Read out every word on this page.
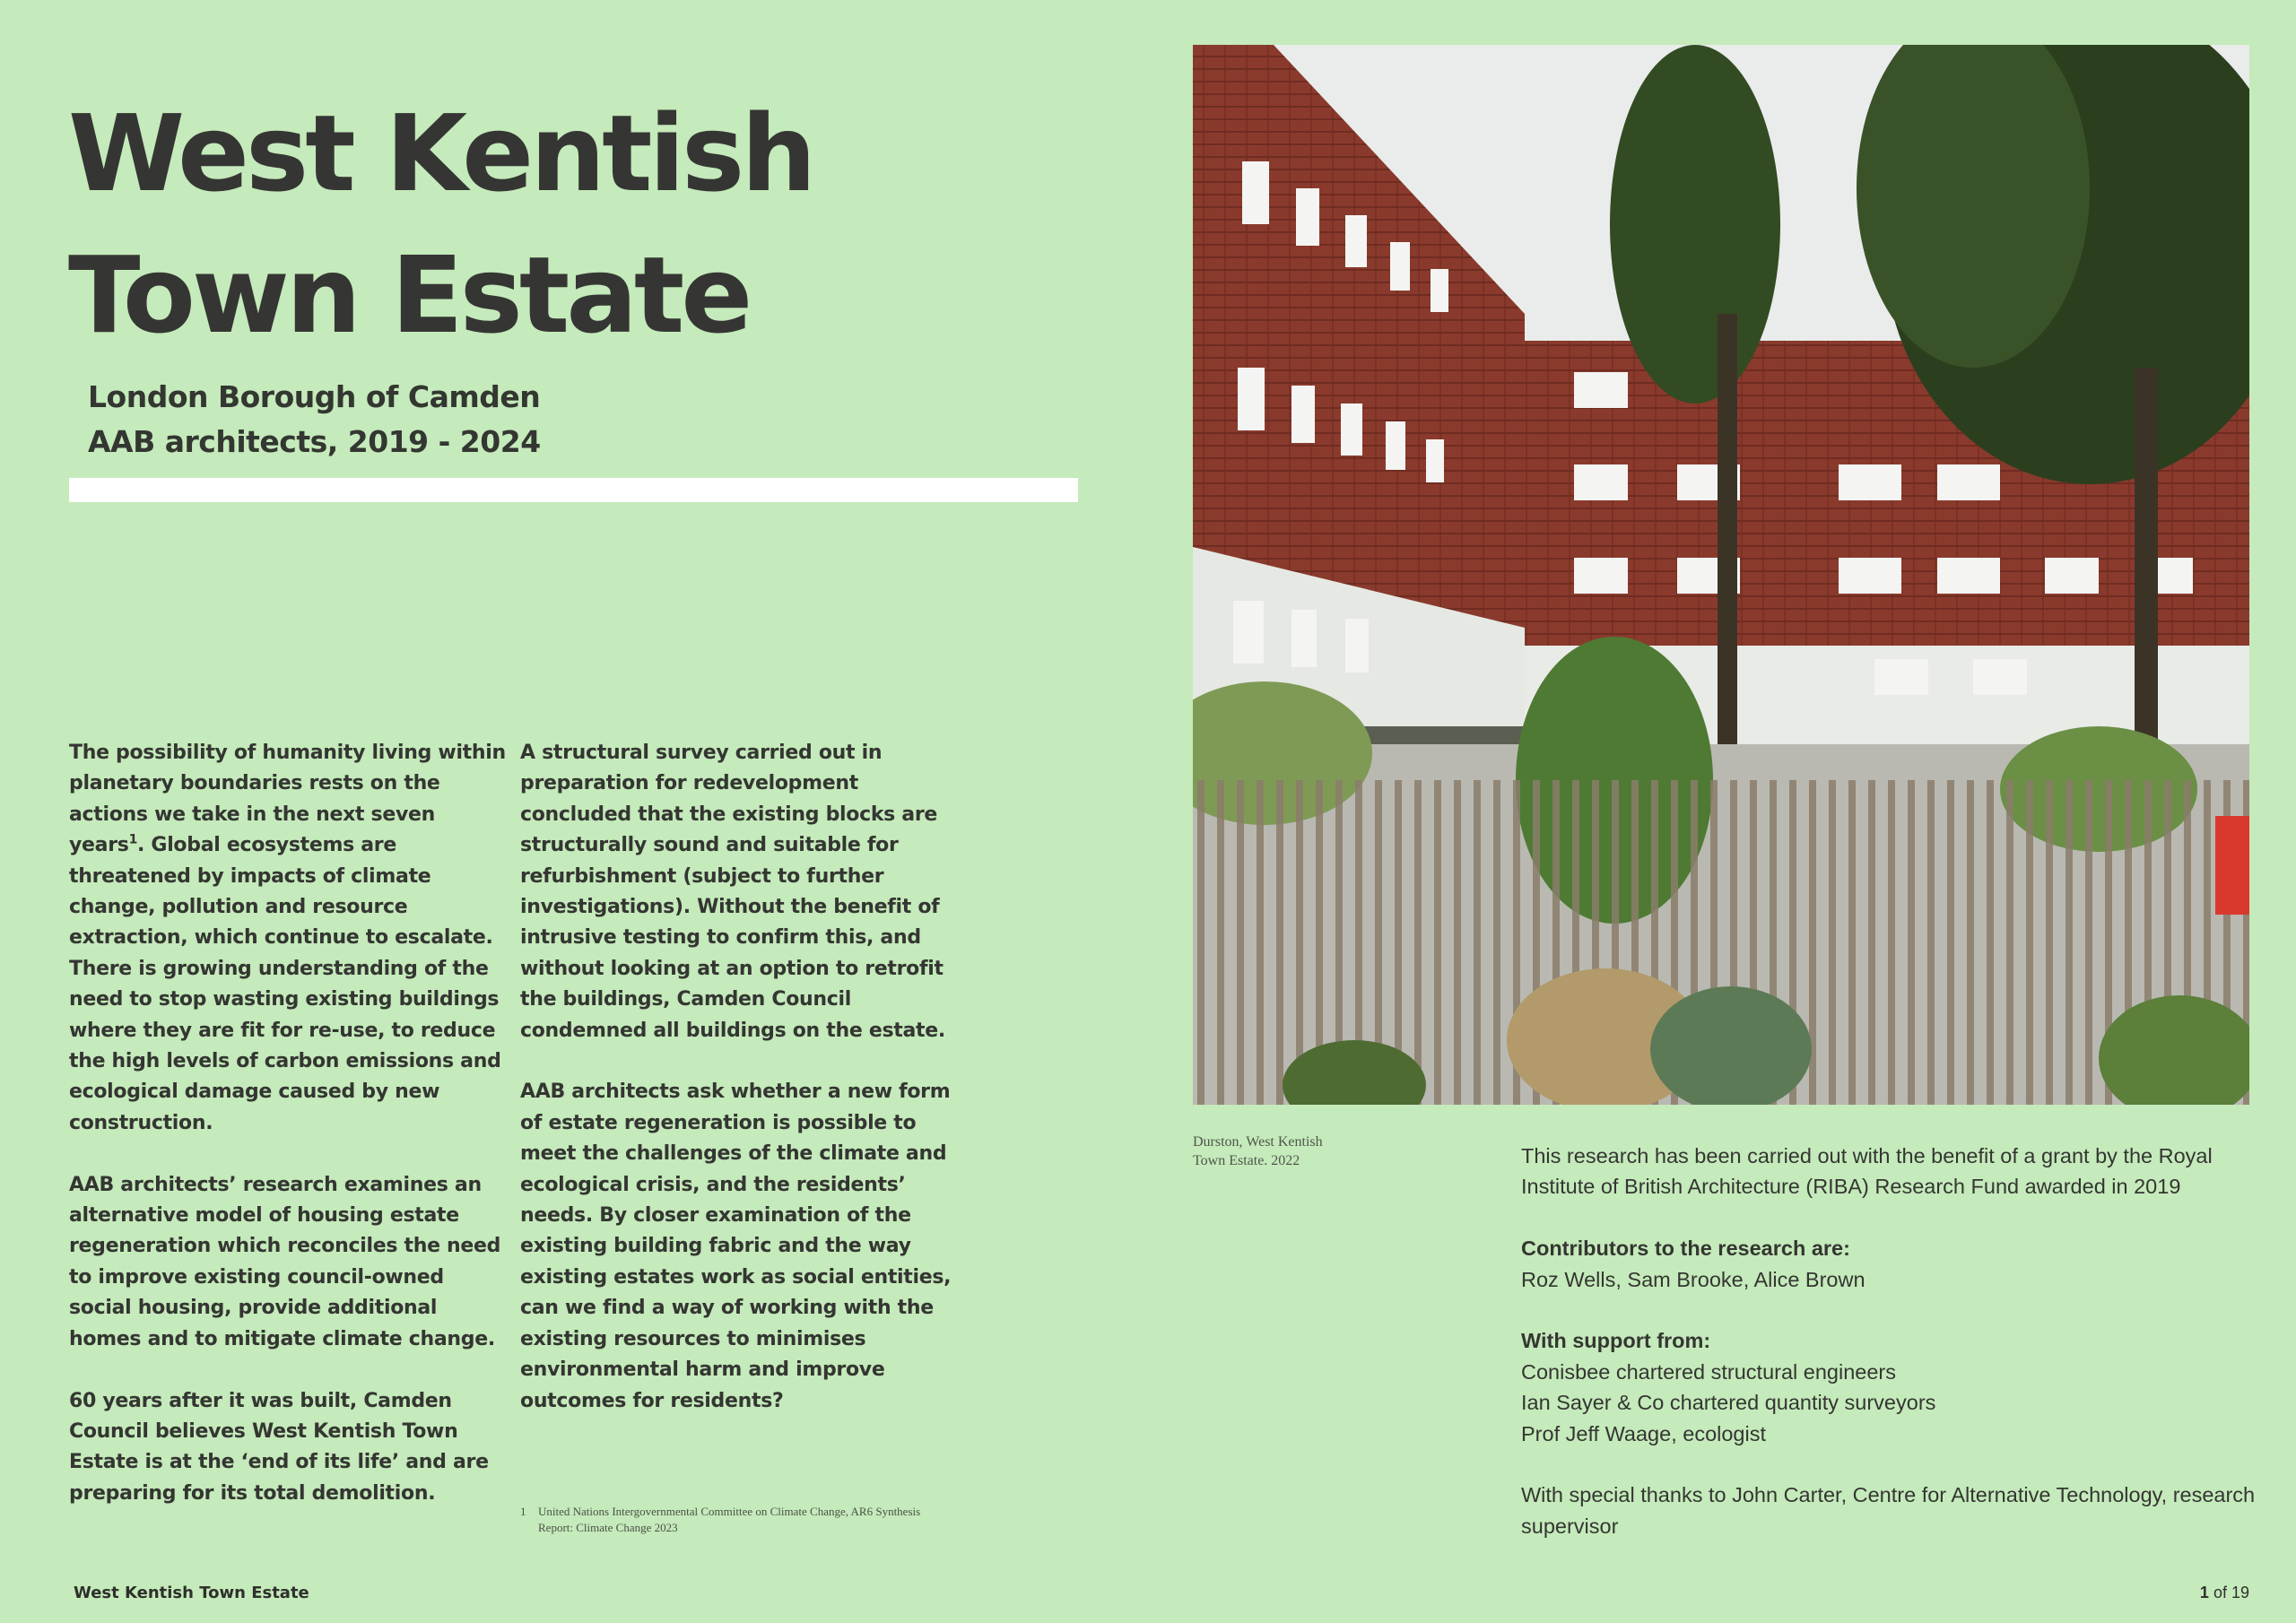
West Kentish
Town Estate
London Borough of Camden
AAB architects, 2019 - 2024

The possibility of humanity living within planetary boundaries rests on the actions we take in the next seven years$^1$. Global ecosystems are threatened by impacts of climate change, pollution and resource extraction, which continue to escalate. There is growing understanding of the need to stop wasting existing buildings where they are fit for re-use, to reduce the high levels of carbon emissions and ecological damage caused by new construction.

AAB architects’ research examines an alternative model of housing estate regeneration which reconciles the need to improve existing council-owned social housing, provide additional homes and to mitigate climate change.

60 years after it was built, Camden Council believes West Kentish Town Estate is at the ‘end of its life’ and are preparing for its total demolition.

A structural survey carried out in preparation for redevelopment concluded that the existing blocks are structurally sound and suitable for refurbishment (subject to further investigations). Without the benefit of intrusive testing to confirm this, and without looking at an option to retrofit the buildings, Camden Council condemned all buildings on the estate.

AAB architects ask whether a new form of estate regeneration is possible to meet the challenges of the climate and ecological crisis, and the residents’ needs. By closer examination of the existing building fabric and the way existing estates work as social entities, can we find a way of working with the existing resources to minimises environmental harm and improve outcomes for residents?

1 United Nations Intergovernmental Committee on Climate Change, AR6 Synthesis Report: Climate Change 2023
Durston, West Kentish
Town Estate. 2022	This research has been carried out with the benefit of a grant by the Royal Institute of British Architecture (RIBA) Research Fund awarded in 2019

Contributors to the research are:
Roz Wells, Sam Brooke, Alice Brown

With support from:
Conisbee chartered structural engineers
Ian Sayer & Co chartered quantity surveyors
Prof Jeff Waage, ecologist

With special thanks to John Carter, Centre for Alternative Technology, research supervisor

West Kentish Town Estate	1 of 19
